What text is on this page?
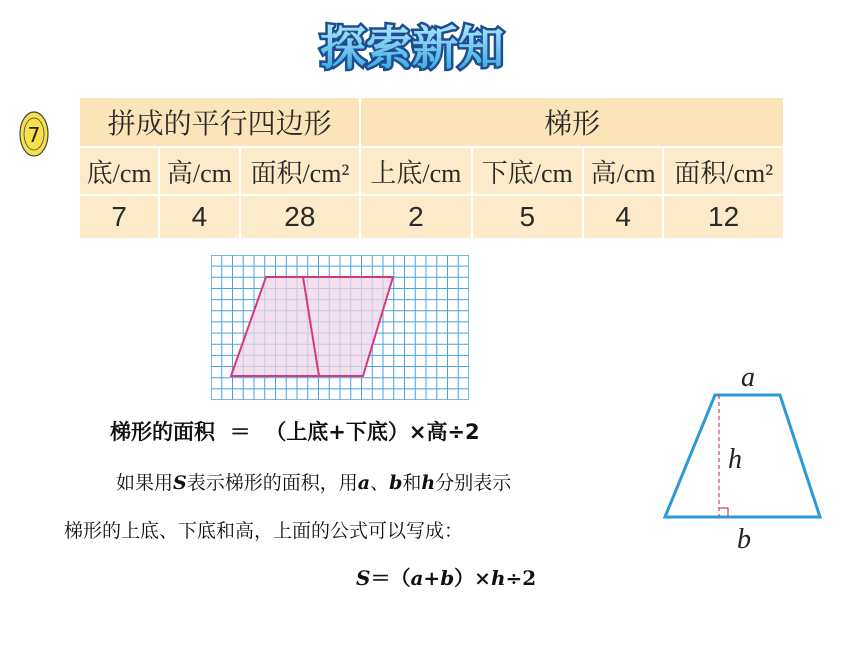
探索新知
7 拼成的平行四边形			梯形			
底/cm	高/cm	面积/cm²	上底/cm	下底/cm	高/cm	面积/cm²
7	4	28	2	5	4	12
梯形的面积 ＝ （上底+下底）×高÷2
如果用S表示梯形的面积，用a、b和h分别表示
梯形的上底、下底和高，上面的公式可以写成：
S＝（a+b）×h÷2
a
h
b
